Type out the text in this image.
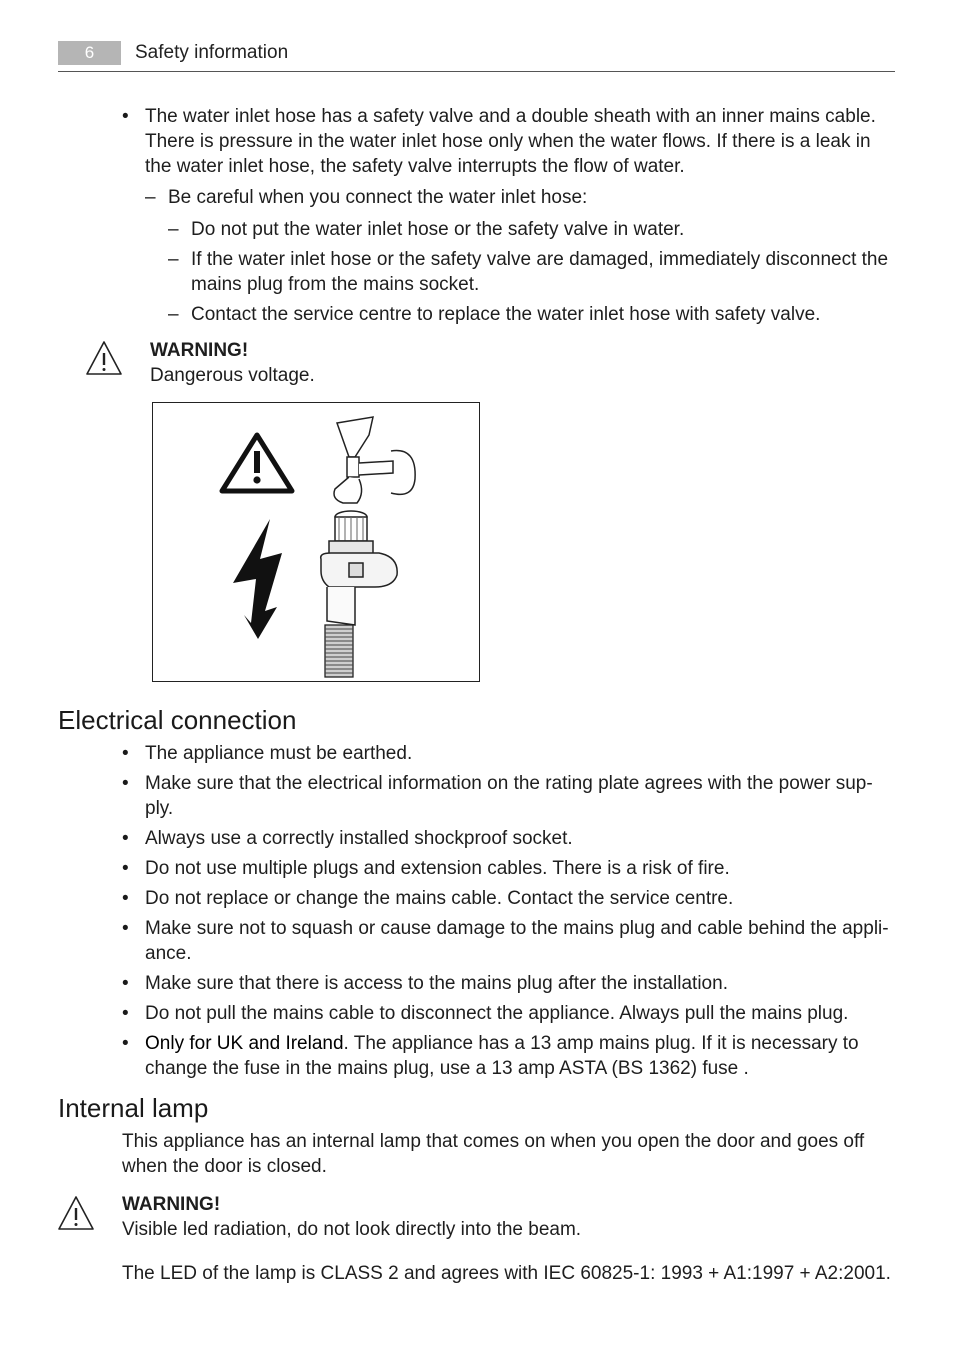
6	Safety information
• The water inlet hose has a safety valve and a double sheath with an inner mains cable.
There is pressure in the water inlet hose only when the water flows. If there is a leak in
the water inlet hose, the safety valve interrupts the flow of water.
– Be careful when you connect the water inlet hose:
– Do not put the water inlet hose or the safety valve in water.
– If the water inlet hose or the safety valve are damaged, immediately disconnect the
mains plug from the mains socket.
– Contact the service centre to replace the water inlet hose with safety valve.
WARNING!
Dangerous voltage.
Electrical connection
• The appliance must be earthed.
• Make sure that the electrical information on the rating plate agrees with the power sup-
ply.
• Always use a correctly installed shockproof socket.
• Do not use multiple plugs and extension cables. There is a risk of fire.
• Do not replace or change the mains cable. Contact the service centre.
• Make sure not to squash or cause damage to the mains plug and cable behind the appli-
ance.
• Make sure that there is access to the mains plug after the installation.
• Do not pull the mains cable to disconnect the appliance. Always pull the mains plug.
• Only for UK and Ireland. The appliance has a 13 amp mains plug. If it is necessary to
change the fuse in the mains plug, use a 13 amp ASTA (BS 1362) fuse .
Internal lamp
This appliance has an internal lamp that comes on when you open the door and goes off
when the door is closed.
WARNING!
Visible led radiation, do not look directly into the beam.
The LED of the lamp is CLASS 2 and agrees with IEC 60825-1: 1993 + A1:1997 + A2:2001.
